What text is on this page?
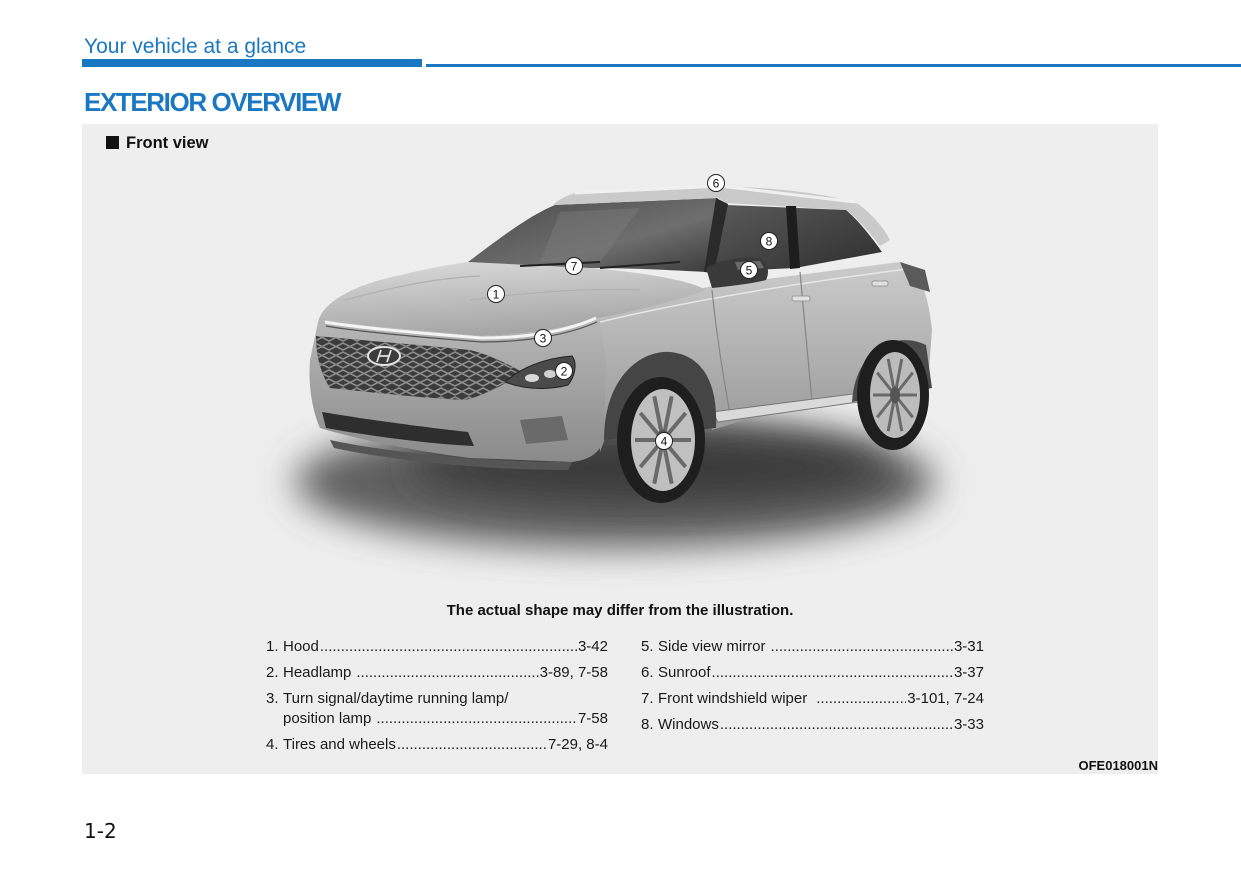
Your vehicle at a glance
EXTERIOR OVERVIEW
1
2
3
4
5
6
7
8
Front view
The actual shape may differ from the illustration.
1. Hood .....	3-42
2. Headlamp .....	3-89, 7-58
3. Turn signal/daytime running lamp/
position lamp .....	7-58
4. Tires and wheels .....	7-29, 8-4
5. Side view mirror .....	3-31
6. Sunroof .....	3-37
7. Front windshield wiper .....	3-101, 7-24
8. Windows .....	3-33
OFE018001N
1-2
